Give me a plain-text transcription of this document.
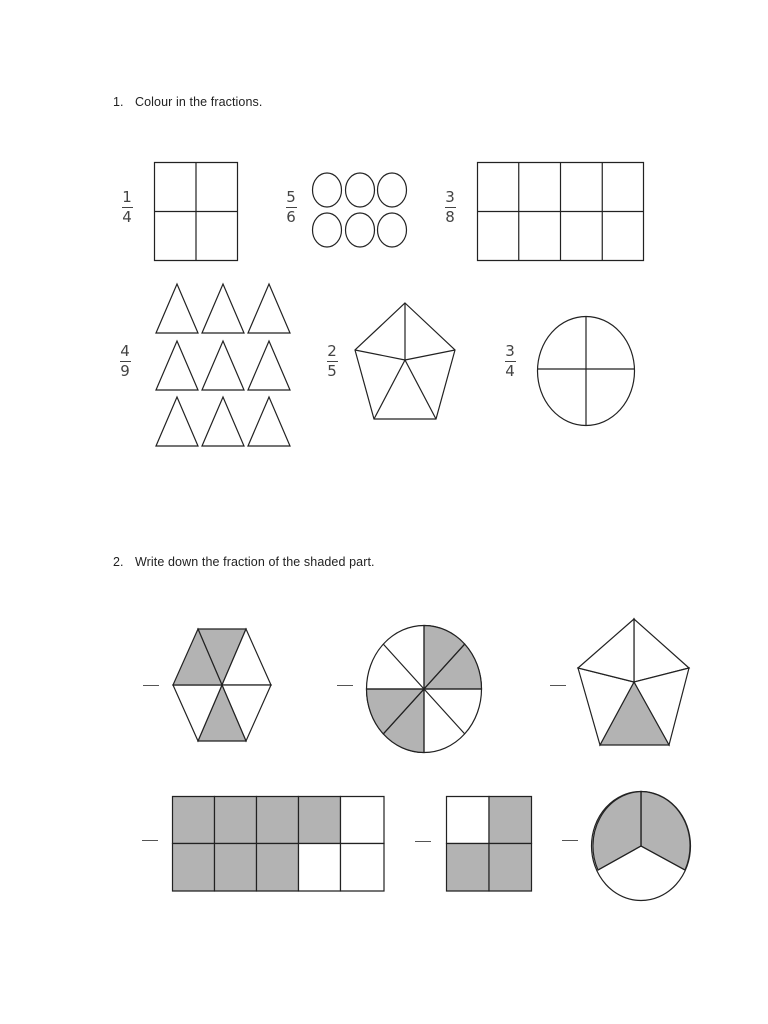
1. Colour in the fractions.
1
4
5
6
3
8
4
9
2
5
3
4
2. Write down the fraction of the shaded part.
